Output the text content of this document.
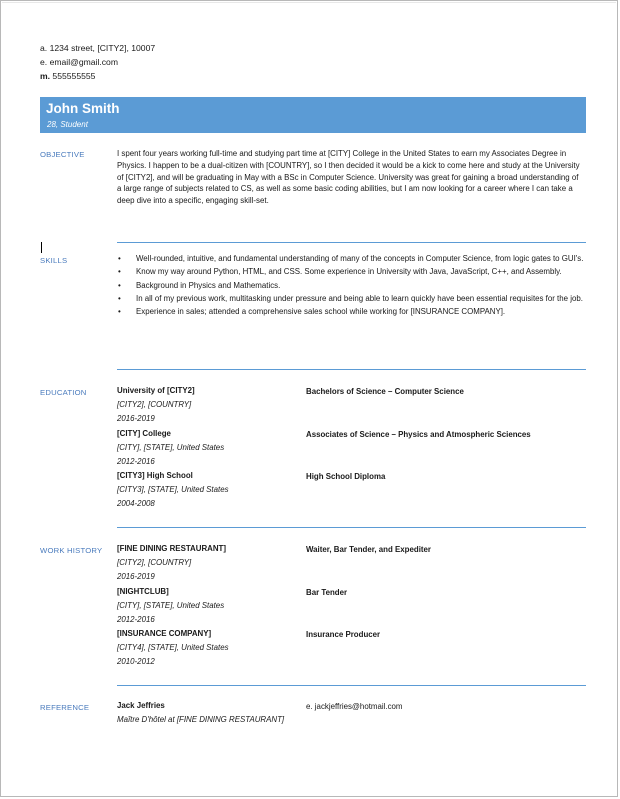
a. 1234 street, [CITY2], 10007
e. email@gmail.com
m. 555555555
John Smith
28, Student
OBJECTIVE	I spent four years working full-time and studying part time at [CITY] College in the United States to earn my Associates Degree in Physics. I happen to be a dual-citizen with [COUNTRY], so I then decided it would be a kick to come here and study at the University of [CITY2], and will be graduating in May with a BSc in Computer Science. University was great for gaining a broad understanding of a large range of subjects related to CS, as well as some basic coding abilities, but I am now looking for a career where I can take a deep dive into a specific, engaging skill-set.
SKILLS
•	Well-rounded, intuitive, and fundamental understanding of many of the concepts in Computer Science, from logic gates to GUI's.
• Know my way around Python, HTML, and CSS. Some experience in University with Java, JavaScript, C++, and Assembly.
• Background in Physics and Mathematics.
• In all of my previous work, multitasking under pressure and being able to learn quickly have been essential requisites for the job.
• Experience in sales; attended a comprehensive sales school while working for [INSURANCE COMPANY].
EDUCATION	University of [CITY2]
[CITY2], [COUNTRY]
2016-2019
Bachelors of Science – Computer Science
[CITY] College
[CITY], [STATE], United States
2012-2016
Associates of Science – Physics and Atmospheric Sciences
[CITY3] High School
[CITY3], [STATE], United States
2004-2008
High School Diploma
WORK HISTORY [FINE DINING RESTAURANT]
[CITY2], [COUNTRY]
2016-2019
Waiter, Bar Tender, and Expediter
[NIGHTCLUB]
[CITY], [STATE], United States
2012-2016
Bar Tender
[INSURANCE COMPANY]
[CITY4], [STATE], United States
2010-2012
Insurance Producer
REFERENCE	Jack Jeffries
Maître D'hôtel at [FINE DINING RESTAURANT]
e. jackjeffries@hotmail.com
